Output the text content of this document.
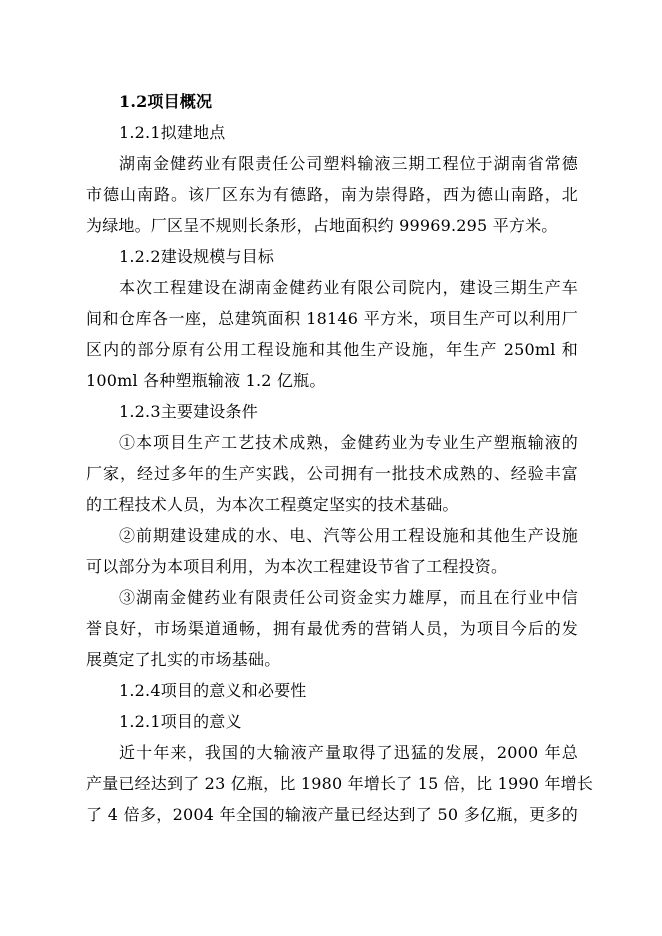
1.2项目概况
1.2.1拟建地点
湖南金健药业有限责任公司塑料输液三期工程位于湖南省常德
市德山南路。该厂区东为有德路，南为崇得路，西为德山南路，北
为绿地。厂区呈不规则长条形，占地面积约 99969.295 平方米。
1.2.2建设规模与目标
本次工程建设在湖南金健药业有限公司院内，建设三期生产车
间和仓库各一座，总建筑面积 18146 平方米，项目生产可以利用厂
区内的部分原有公用工程设施和其他生产设施，年生产 250ml 和
100ml 各种塑瓶输液 1.2 亿瓶。
1.2.3主要建设条件
①本项目生产工艺技术成熟，金健药业为专业生产塑瓶输液的
厂家，经过多年的生产实践，公司拥有一批技术成熟的、经验丰富
的工程技术人员，为本次工程奠定坚实的技术基础。
②前期建设建成的水、电、汽等公用工程设施和其他生产设施
可以部分为本项目利用，为本次工程建设节省了工程投资。
③湖南金健药业有限责任公司资金实力雄厚，而且在行业中信
誉良好，市场渠道通畅，拥有最优秀的营销人员，为项目今后的发
展奠定了扎实的市场基础。
1.2.4项目的意义和必要性
1.2.1项目的意义
近十年来，我国的大输液产量取得了迅猛的发展，2000 年总
产量已经达到了 23 亿瓶，比 1980 年增长了 15 倍，比 1990 年增长
了 4 倍多，2004 年全国的输液产量已经达到了 50 多亿瓶，更多的
